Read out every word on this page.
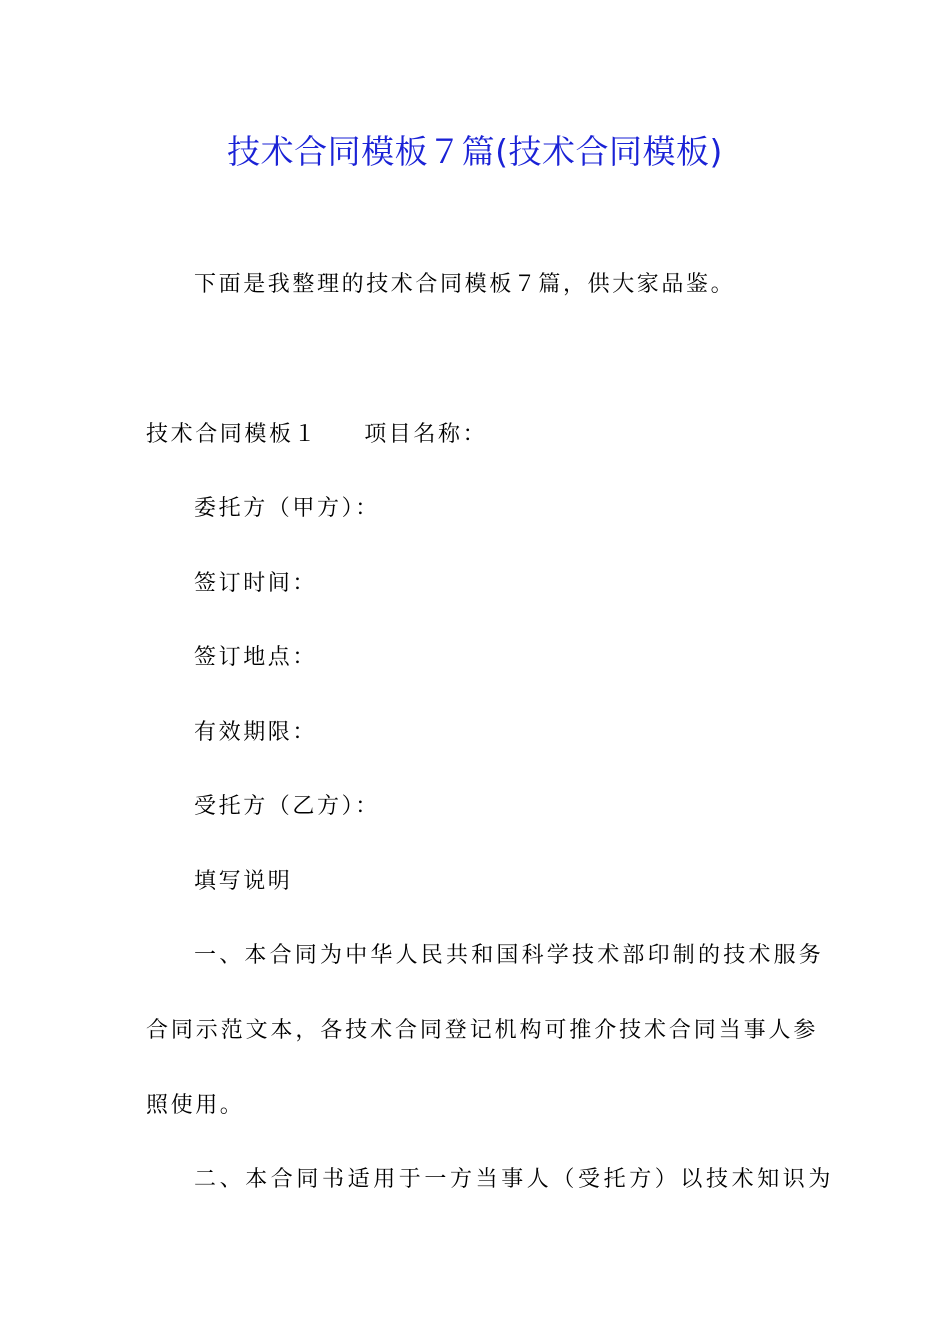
技术合同模板７篇(技术合同模板)
下面是我整理的技术合同模板７篇，供大家品鉴。
技术合同模板１ 项目名称：
委托方（甲方）：
签订时间：
签订地点：
有效期限：
受托方（乙方）：
填写说明
一、本合同为中华人民共和国科学技术部印制的技术服务
合同示范文本，各技术合同登记机构可推介技术合同当事人参
照使用。
二、本合同书适用于一方当事人（受托方）以技术知识为
